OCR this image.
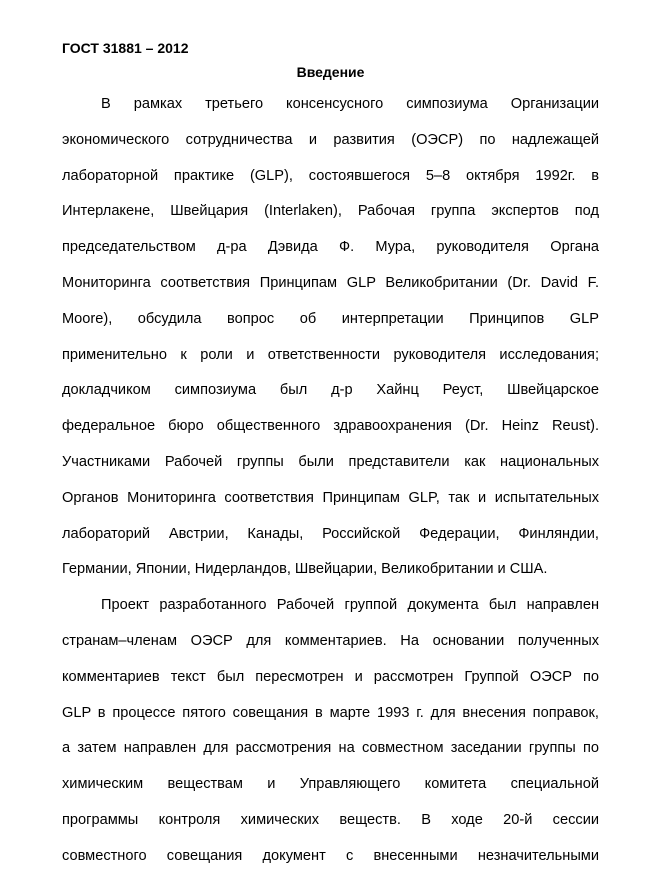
ГОСТ 31881 – 2012
Введение
В рамках третьего консенсусного симпозиума Организации
экономического сотрудничества и развития (ОЭСР) по надлежащей
лабораторной практике (GLP), состоявшегося 5–8 октября 1992г. в
Интерлакене, Швейцария (Interlaken), Рабочая группа экспертов под
председательством д-ра Дэвида Ф. Мура, руководителя Органа
Мониторинга соответствия Принципам GLP Великобритании (Dr. David F.
Moore), обсудила вопрос об интерпретации Принципов GLP
применительно к роли и ответственности руководителя исследования;
докладчиком симпозиума был д-р Хайнц Реуст, Швейцарское
федеральное бюро общественного здравоохранения (Dr. Heinz Reust).
Участниками Рабочей группы были представители как национальных
Органов Мониторинга соответствия Принципам GLP, так и испытательных
лабораторий Австрии, Канады, Российской Федерации, Финляндии,
Германии, Японии, Нидерландов, Швейцарии, Великобритании и США.
Проект разработанного Рабочей группой документа был направлен
странам–членам ОЭСР для комментариев. На основании полученных
комментариев текст был пересмотрен и рассмотрен Группой ОЭСР по
GLP в процессе пятого совещания в марте 1993 г. для внесения поправок,
а затем направлен для рассмотрения на совместном заседании группы по
химическим веществам и Управляющего комитета специальной
программы контроля химических веществ. В ходе 20-й сессии
совместного совещания документ с внесенными незначительными
